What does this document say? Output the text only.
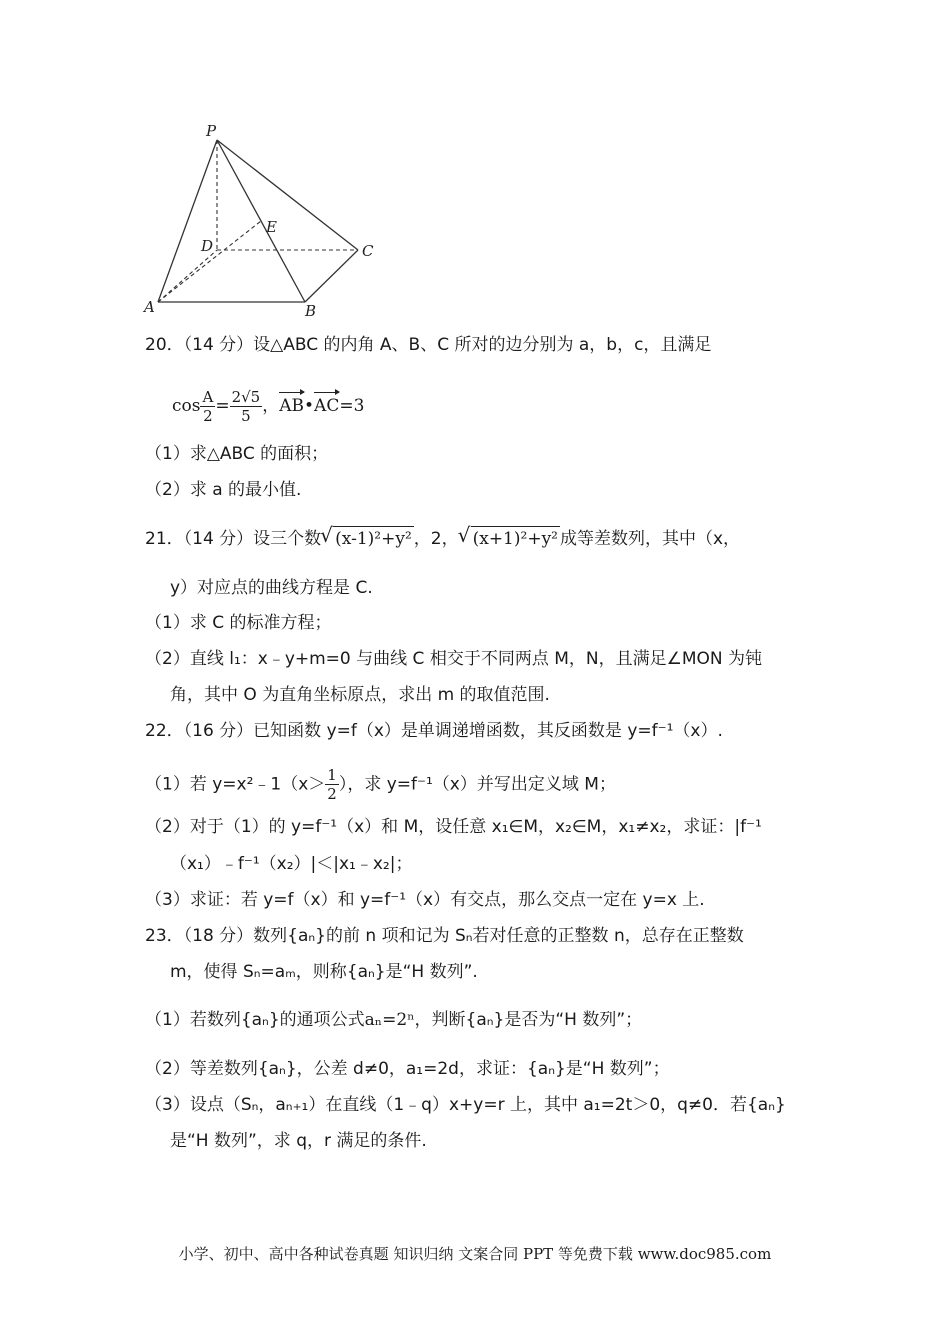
P
D
E
C
A	B
20．（14 分）设△ABC 的内角 A、B、C 所对的边分别为 a，b，c，且满足
$\cos \frac{A}{2} = \frac{2√5}{5}$ ，AB•AC=3
（1）求△ABC 的面积；
（2）求 a 的最小值.
21．（14 分）设三个数 √ (x-1)²+y² ，2， √ (x+1)²+y² 成等差数列，其中（x，
y）对应点的曲线方程是 C.
（1）求 C 的标准方程；
（2）直线 l₁：x﹣y+m=0 与曲线 C 相交于不同两点 M，N，且满足∠MON 为钝
角，其中 O 为直角坐标原点，求出 m 的取值范围.
22．（16 分）已知函数 y=f（x）是单调递增函数，其反函数是 y=f⁻¹（x）.
（1）若 y=x²﹣1（x＞ $\frac{1}{2}$ ），求 y=f⁻¹（x）并写出定义域 M；
（2）对于（1）的 y=f⁻¹（x）和 M，设任意 x₁∈M，x₂∈M，x₁≠x₂，求证：|f⁻¹
（x₁）﹣f⁻¹（x₂）|＜|x₁﹣x₂|；
（3）求证：若 y=f（x）和 y=f⁻¹（x）有交点，那么交点一定在 y=x 上.
23．（18 分）数列{aₙ}的前 n 项和记为 Sₙ若对任意的正整数 n，总存在正整数
m，使得 Sₙ=aₘ，则称{aₙ}是“H 数列”.
（1）若数列{aₙ}的通项公式aₙ=2ⁿ，判断{aₙ}是否为“H 数列”；
（2）等差数列{aₙ}，公差 d≠0，a₁=2d，求证：{aₙ}是“H 数列”；
（3）设点（Sₙ，aₙ₊₁）在直线（1﹣q）x+y=r 上，其中 a₁=2t＞0，q≠0．若{aₙ}
是“H 数列”，求 q，r 满足的条件.
小学、初中、高中各种试卷真题 知识归纳 文案合同 PPT 等免费下载 www.doc985.com
